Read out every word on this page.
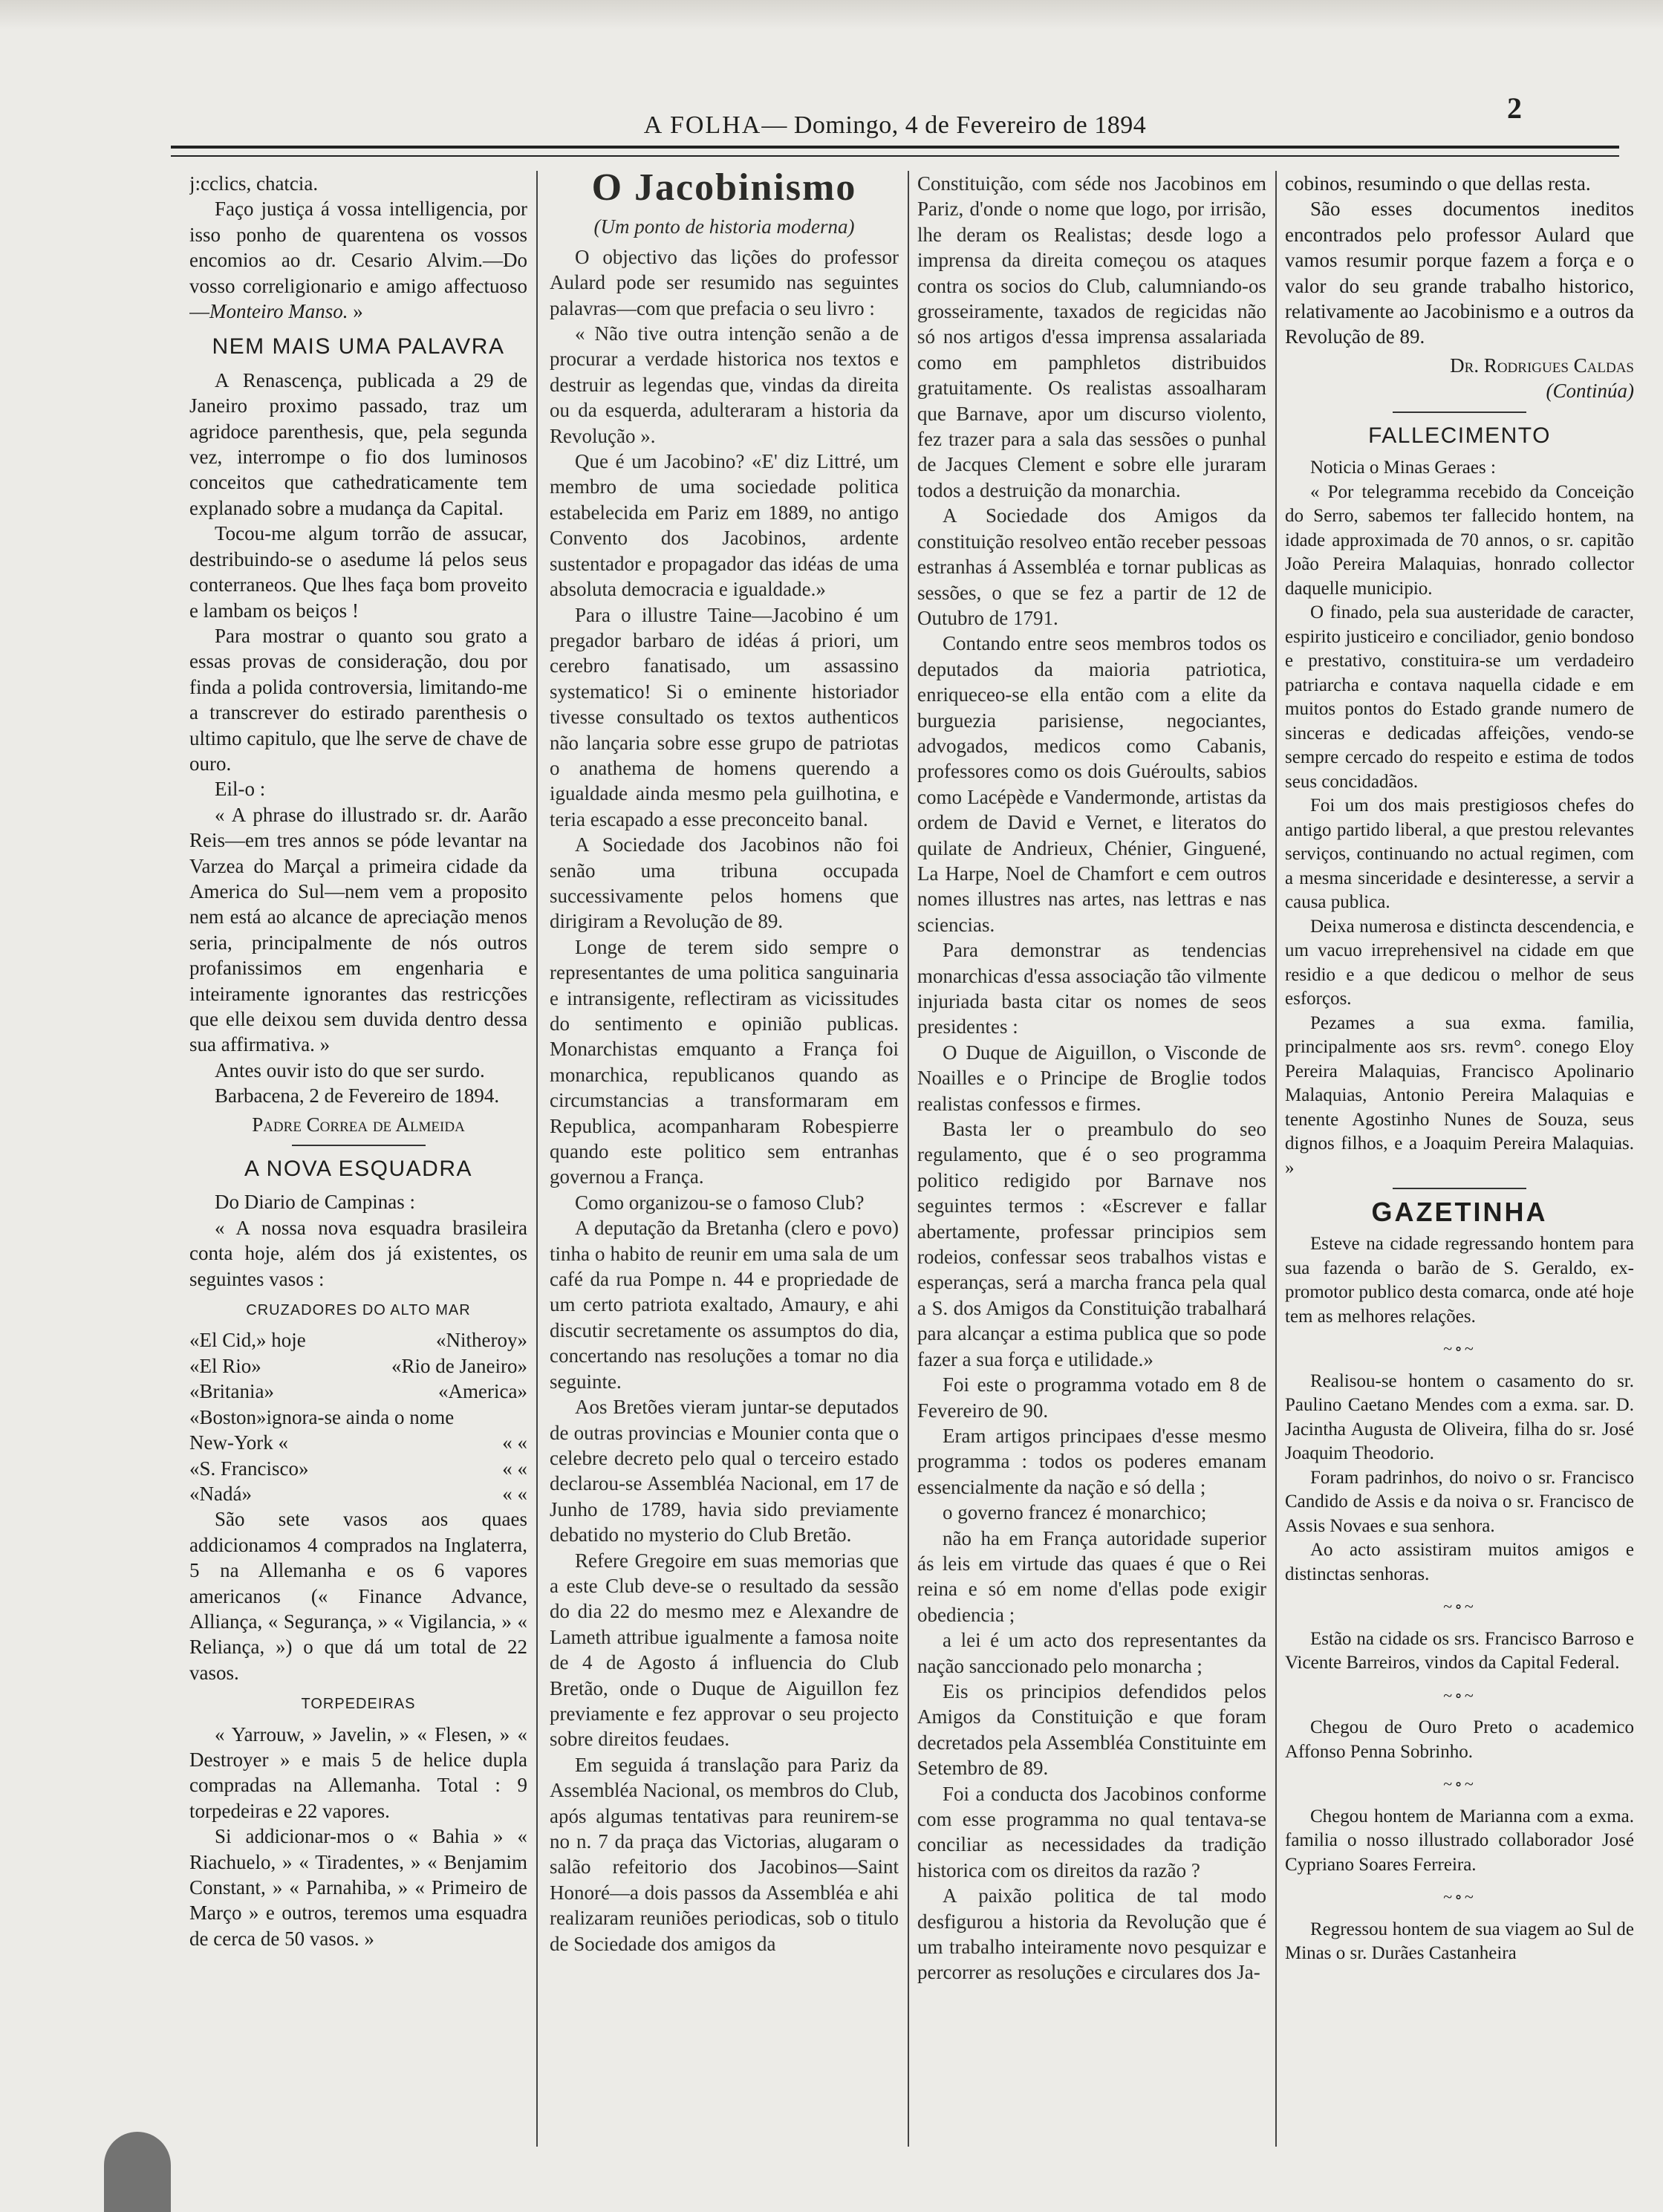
2
A FOLHA— Domingo, 4 de Fevereiro de 1894

j:cclics, chatcia.

Faço justiça á vossa intelligencia, por isso ponho de quarentena os vossos encomios ao dr. Cesario Alvim.—Do vosso correligionario e amigo affectuoso—Monteiro Manso. »

NEM MAIS UMA PALAVRA

A Renascença, publicada a 29 de Janeiro proximo passado, traz um agridoce parenthesis, que, pela segunda vez, interrompe o fio dos luminosos conceitos que cathedraticamente tem explanado sobre a mudança da Capital.

Tocou-me algum torrão de assucar, destribuindo-se o asedume lá pelos seus conterraneos. Que lhes faça bom proveito e lambam os beiços !

Para mostrar o quanto sou grato a essas provas de consideração, dou por finda a polida controversia, limitando-me a transcrever do estirado parenthesis o ultimo capitulo, que lhe serve de chave de ouro.

Eil-o :

« A phrase do illustrado sr. dr. Aarão Reis—em tres annos se póde levantar na Varzea do Marçal a primeira cidade da America do Sul—nem vem a proposito nem está ao alcance de apreciação menos seria, principalmente de nós outros profanissimos em engenharia e inteiramente ignorantes das restricções que elle deixou sem duvida dentro dessa sua affirmativa. »

Antes ouvir isto do que ser surdo.

Barbacena, 2 de Fevereiro de 1894.

Padre Correa de Almeida
A NOVA ESQUADRA

Do Diario de Campinas :

« A nossa nova esquadra brasileira conta hoje, além dos já existentes, os seguintes vasos :

CRUZADORES DO ALTO MAR
«El Cid,» hoje	«Nitheroy»
«El Rio»	«Rio de Janeiro»
«Britania»	«America»
«Boston»ignora-se ainda o nome
New-York «	« «
«S. Francisco»	« «
«Nadá»	« «

São sete vasos aos quaes addicionamos 4 comprados na Inglaterra, 5 na Allemanha e os 6 vapores americanos (« Finance Advance, Alliança, « Segurança, » « Vigilancia, » « Reliança, ») o que dá um total de 22 vasos.

TORPEDEIRAS

« Yarrouw, » Javelin, » « Flesen, » « Destroyer » e mais 5 de helice dupla compradas na Allemanha. Total : 9 torpedeiras e 22 vapores.

Si addicionar-mos o « Bahia » « Riachuelo, » « Tiradentes, » « Benjamim Constant, » « Parnahiba, » « Primeiro de Março » e outros, teremos uma esquadra de cerca de 50 vasos. »

O Jacobinismo
(Um ponto de historia moderna)

O objectivo das lições do professor Aulard pode ser resumido nas seguintes palavras—com que prefacia o seu livro :

« Não tive outra intenção senão a de procurar a verdade historica nos textos e destruir as legendas que, vindas da direita ou da esquerda, adulteraram a historia da Revolução ».

Que é um Jacobino? «E' diz Littré, um membro de uma sociedade politica estabelecida em Pariz em 1889, no antigo Convento dos Jacobinos, ardente sustentador e propagador das idéas de uma absoluta democracia e igualdade.»

Para o illustre Taine—Jacobino é um pregador barbaro de idéas á priori, um cerebro fanatisado, um assassino systematico! Si o eminente historiador tivesse consultado os textos authenticos não lançaria sobre esse grupo de patriotas o anathema de homens querendo a igualdade ainda mesmo pela guilhotina, e teria escapado a esse preconceito banal.

A Sociedade dos Jacobinos não foi senão uma tribuna occupada successivamente pelos homens que dirigiram a Revolução de 89.

Longe de terem sido sempre o representantes de uma politica sanguinaria e intransigente, reflectiram as vicissitudes do sentimento e opinião publicas. Monarchistas emquanto a França foi monarchica, republicanos quando as circumstancias a transformaram em Republica, acompanharam Robespierre quando este politico sem entranhas governou a França.

Como organizou-se o famoso Club?

A deputação da Bretanha (clero e povo) tinha o habito de reunir em uma sala de um café da rua Pompe n. 44 e propriedade de um certo patriota exaltado, Amaury, e ahi discutir secretamente os assumptos do dia, concertando nas resoluções a tomar no dia seguinte.

Aos Bretões vieram juntar-se deputados de outras provincias e Mounier conta que o celebre decreto pelo qual o terceiro estado declarou-se Assembléa Nacional, em 17 de Junho de 1789, havia sido previamente debatido no mysterio do Club Bretão.

Refere Gregoire em suas memorias que a este Club deve-se o resultado da sessão do dia 22 do mesmo mez e Alexandre de Lameth attribue igualmente a famosa noite de 4 de Agosto á influencia do Club Bretão, onde o Duque de Aiguillon fez previamente e fez approvar o seu projecto sobre direitos feudaes.

Em seguida á translação para Pariz da Assembléa Nacional, os membros do Club, após algumas tentativas para reunirem-se no n. 7 da praça das Victorias, alugaram o salão refeitorio dos Jacobinos—Saint Honoré—a dois passos da Assembléa e ahi realizaram reuniões periodicas, sob o titulo de Sociedade dos amigos da

Constituição, com séde nos Jacobinos em Pariz, d'onde o nome que logo, por irrisão, lhe deram os Realistas; desde logo a imprensa da direita começou os ataques contra os socios do Club, calumniando-os grosseiramente, taxados de regicidas não só nos artigos d'essa imprensa assalariada como em pamphletos distribuidos gratuitamente. Os realistas assoalharam que Barnave, apor um discurso violento, fez trazer para a sala das sessões o punhal de Jacques Clement e sobre elle juraram todos a destruição da monarchia.

A Sociedade dos Amigos da constituição resolveo então receber pessoas estranhas á Assembléa e tornar publicas as sessões, o que se fez a partir de 12 de Outubro de 1791.

Contando entre seos membros todos os deputados da maioria patriotica, enriqueceo-se ella então com a elite da burguezia parisiense, negociantes, advogados, medicos como Cabanis, professores como os dois Guéroults, sabios como Lacépède e Vandermonde, artistas da ordem de David e Vernet, e literatos do quilate de Andrieux, Chénier, Ginguené, La Harpe, Noel de Chamfort e cem outros nomes illustres nas artes, nas lettras e nas sciencias.

Para demonstrar as tendencias monarchicas d'essa associação tão vilmente injuriada basta citar os nomes de seos presidentes :

O Duque de Aiguillon, o Visconde de Noailles e o Principe de Broglie todos realistas confessos e firmes.

Basta ler o preambulo do seo regulamento, que é o seo programma politico redigido por Barnave nos seguintes termos : «Escrever e fallar abertamente, professar principios sem rodeios, confessar seos trabalhos vistas e esperanças, será a marcha franca pela qual a S. dos Amigos da Constituição trabalhará para alcançar a estima publica que so pode fazer a sua força e utilidade.»

Foi este o programma votado em 8 de Fevereiro de 90.

Eram artigos principaes d'esse mesmo programma : todos os poderes emanam essencialmente da nação e só della ;

o governo francez é monarchico;

não ha em França autoridade superior ás leis em virtude das quaes é que o Rei reina e só em nome d'ellas pode exigir obediencia ;

a lei é um acto dos representantes da nação sanccionado pelo monarcha ;

Eis os principios defendidos pelos Amigos da Constituição e que foram decretados pela Assembléa Constituinte em Setembro de 89.

Foi a conducta dos Jacobinos conforme com esse programma no qual tentava-se conciliar as necessidades da tradição historica com os direitos da razão ?

A paixão politica de tal modo desfigurou a historia da Revolução que é um trabalho inteiramente novo pesquizar e percorrer as resoluções e circulares dos Ja-

cobinos, resumindo o que dellas resta.

São esses documentos ineditos encontrados pelo professor Aulard que vamos resumir porque fazem a força e o valor do seu grande trabalho historico, relativamente ao Jacobinismo e a outros da Revolução de 89.

Dr. Rodrigues Caldas
(Continúa)
FALLECIMENTO

Noticia o Minas Geraes :

« Por telegramma recebido da Conceição do Serro, sabemos ter fallecido hontem, na idade approximada de 70 annos, o sr. capitão João Pereira Malaquias, honrado collector daquelle municipio.

O finado, pela sua austeridade de caracter, espirito justiceiro e conciliador, genio bondoso e prestativo, constituira-se um verdadeiro patriarcha e contava naquella cidade e em muitos pontos do Estado grande numero de sinceras e dedicadas affeições, vendo-se sempre cercado do respeito e estima de todos seus concidadãos.

Foi um dos mais prestigiosos chefes do antigo partido liberal, a que prestou relevantes serviços, continuando no actual regimen, com a mesma sinceridade e desinteresse, a servir a causa publica.

Deixa numerosa e distincta descendencia, e um vacuo irreprehensivel na cidade em que residio e a que dedicou o melhor de seus esforços.

Pezames a sua exma. familia, principalmente aos srs. revm°. conego Eloy Pereira Malaquias, Francisco Apolinario Malaquias, Antonio Pereira Malaquias e tenente Agostinho Nunes de Souza, seus dignos filhos, e a Joaquim Pereira Malaquias. »

GAZETINHA

Esteve na cidade regressando hontem para sua fazenda o barão de S. Geraldo, ex-promotor publico desta comarca, onde até hoje tem as melhores relações.

~∘~

Realisou-se hontem o casamento do sr. Paulino Caetano Mendes com a exma. sar. D. Jacintha Augusta de Oliveira, filha do sr. José Joaquim Theodorio.

Foram padrinhos, do noivo o sr. Francisco Candido de Assis e da noiva o sr. Francisco de Assis Novaes e sua senhora.

Ao acto assistiram muitos amigos e distinctas senhoras.

~∘~

Estão na cidade os srs. Francisco Barroso e Vicente Barreiros, vindos da Capital Federal.

~∘~

Chegou de Ouro Preto o academico Affonso Penna Sobrinho.

~∘~

Chegou hontem de Marianna com a exma. familia o nosso illustrado collaborador José Cypriano Soares Ferreira.

~∘~

Regressou hontem de sua viagem ao Sul de Minas o sr. Durães Castanheira
